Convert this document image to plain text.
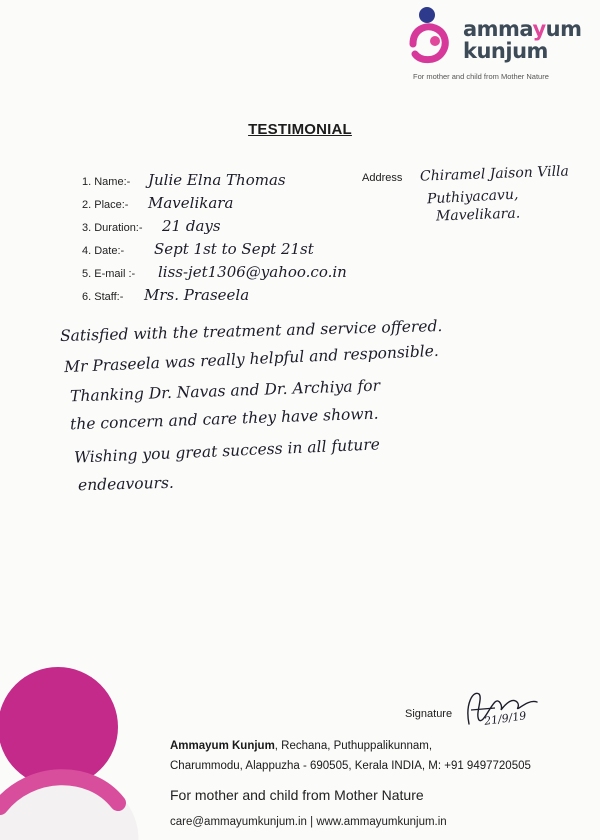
ammayum
kunjum
For mother and child from Mother Nature
TESTIMONIAL
1. Name:- Julie Elna Thomas
2. Place:- Mavelikara
3. Duration:- 21 days
4. Date:- Sept 1st to Sept 21st
5. E-mail :- liss-jet1306@yahoo.co.in
6. Staff:- Mrs. Praseela
Address Chiramel Jaison Villa
Puthiyacavu,
Mavelikara.
Satisfied with the treatment and service offered.
Mr Praseela was really helpful and responsible.
Thanking Dr. Navas and Dr. Archiya for
the concern and care they have shown.
Wishing you great success in all future
endeavours.
Signature	21/9/19
Ammayum Kunjum, Rechana, Puthuppalikunnam,
Charummodu, Alappuzha - 690505, Kerala INDIA, M: +91 9497720505
For mother and child from Mother Nature
care@ammayumkunjum.in | www.ammayumkunjum.in
